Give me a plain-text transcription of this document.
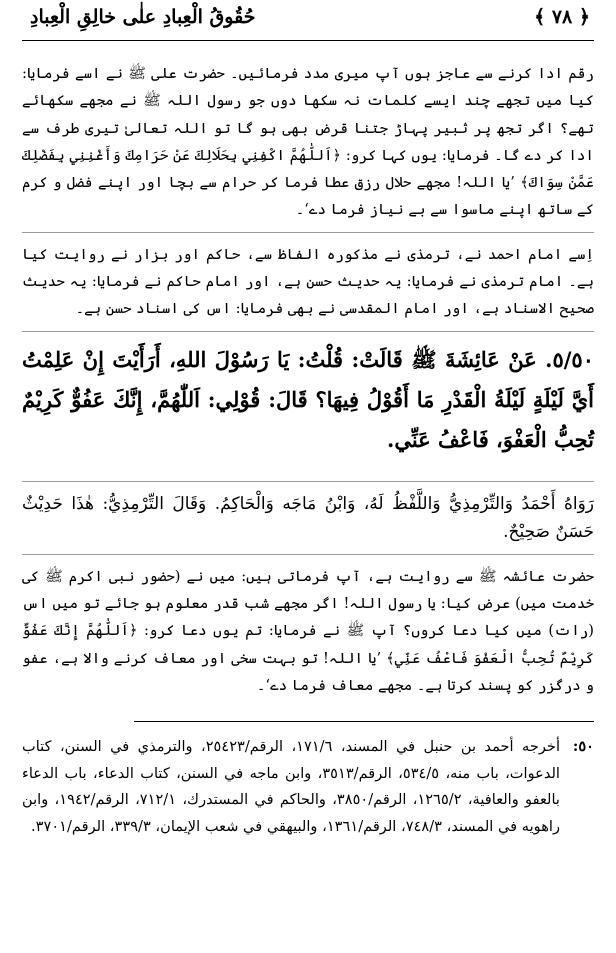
﴿ ٧٨ ﴾
حُقُوقُ الْعِبادِ علٰی خالِقِ الْعِبادِ

رقم ادا کرنے سے عاجز ہوں آپ میری مدد فرمائیں۔ حضرت علی ﷺ نے اسے فرمایا: کیا میں تجھے چند ایسے کلمات نہ سکھا دوں جو رسول اللہ ﷺ نے مجھے سکھائے تھے؟ اگر تجھ پر ثبیر پہاڑ جتنا قرض بھی ہو گا تو اللہ تعالیٰ تیری طرف سے ادا کر دے گا۔ فرمایا: یوں کہا کرو: ﴿اَللّٰهُمَّ اكْفِنِي بِحَلَالِكَ عَنْ حَرَامِكَ وَأَغْنِنِي بِفَضْلِكَ عَمَّنْ سِوَاكَ﴾ ’یا اللہ! مجھے حلال رزق عطا فرما کر حرام سے بچا اور اپنے فضل و کرم کے ساتھ اپنے ماسوا سے بے نیاز فرما دے‘۔

اِسے امام احمد نے، ترمذی نے مذکورہ الفاظ سے، حاکم اور بزار نے روایت کیا ہے۔ امام ترمذی نے فرمایا: یہ حدیث حسن ہے، اور امام حاکم نے فرمایا: یہ حدیث صحیح الاسناد ہے، اور امام المقدسی نے بھی فرمایا: اس کی اسناد حسن ہے۔

٥/٥٠. عَنْ عَائِشَةَ ﷺ قَالَتْ: قُلْتُ: يَا رَسُوْلَ اللهِ، أَرَأَيْتَ إِنْ عَلِمْتُ أَيَّ لَيْلَةٍ لَيْلَةُ الْقَدْرِ مَا أَقُوْلُ فِيهَا؟ قَالَ: قُوْلِي: اَللّٰهُمَّ، إِنَّكَ عَفُوٌّ كَرِيْمٌ تُحِبُّ الْعَفْوَ، فَاعْفُ عَنِّي.

رَوَاهُ أَحْمَدُ وَالتِّرْمِذِيُّ وَاللَّفْظُ لَهُ، وَابْنُ مَاجَه وَالْحَاكِمُ. وَقَالَ التِّرْمِذِيُّ: هٰذَا حَدِيْثٌ حَسَنٌ صَحِيْحٌ.

حضرت عائشہ ﷺ سے روایت ہے، آپ فرماتی ہیں: میں نے (حضور نبی اکرم ﷺ کی خدمت میں) عرض کیا: یا رسول اللہ! اگر مجھے شب قدر معلوم ہو جائے تو میں اس (رات) میں کیا دعا کروں؟ آپ ﷺ نے فرمایا: تم یوں دعا کرو: ﴿اَللّٰهُمَّ إِنَّكَ عَفُوٌّ كَرِيْمٌ تُحِبُّ الْعَفْوَ فَاعْفُ عَنِّي﴾ ’یا اللہ! تو بہت سخی اور معاف کرنے والا ہے، عفو و درگزر کو پسند کرتا ہے۔ مجھے معاف فرما دے‘۔

٥٠:
أخرجه أحمد بن حنبل في المسند، ١٧١/٦، الرقم/٢٥٤٢٣، والترمذي في السنن، كتاب الدعوات، باب منه، ٥٣٤/٥، الرقم/٣٥١٣، وابن ماجه في السنن، كتاب الدعاء، باب الدعاء بالعفو والعافية، ١٢٦٥/٢، الرقم/٣٨٥٠، والحاكم في المستدرك، ٧١٢/١، الرقم/١٩٤٢، وابن راهويه في المسند، ٧٤٨/٣، الرقم/١٣٦١، والبيهقي في شعب الإيمان، ٣٣٩/٣، الرقم/٣٧٠١.
